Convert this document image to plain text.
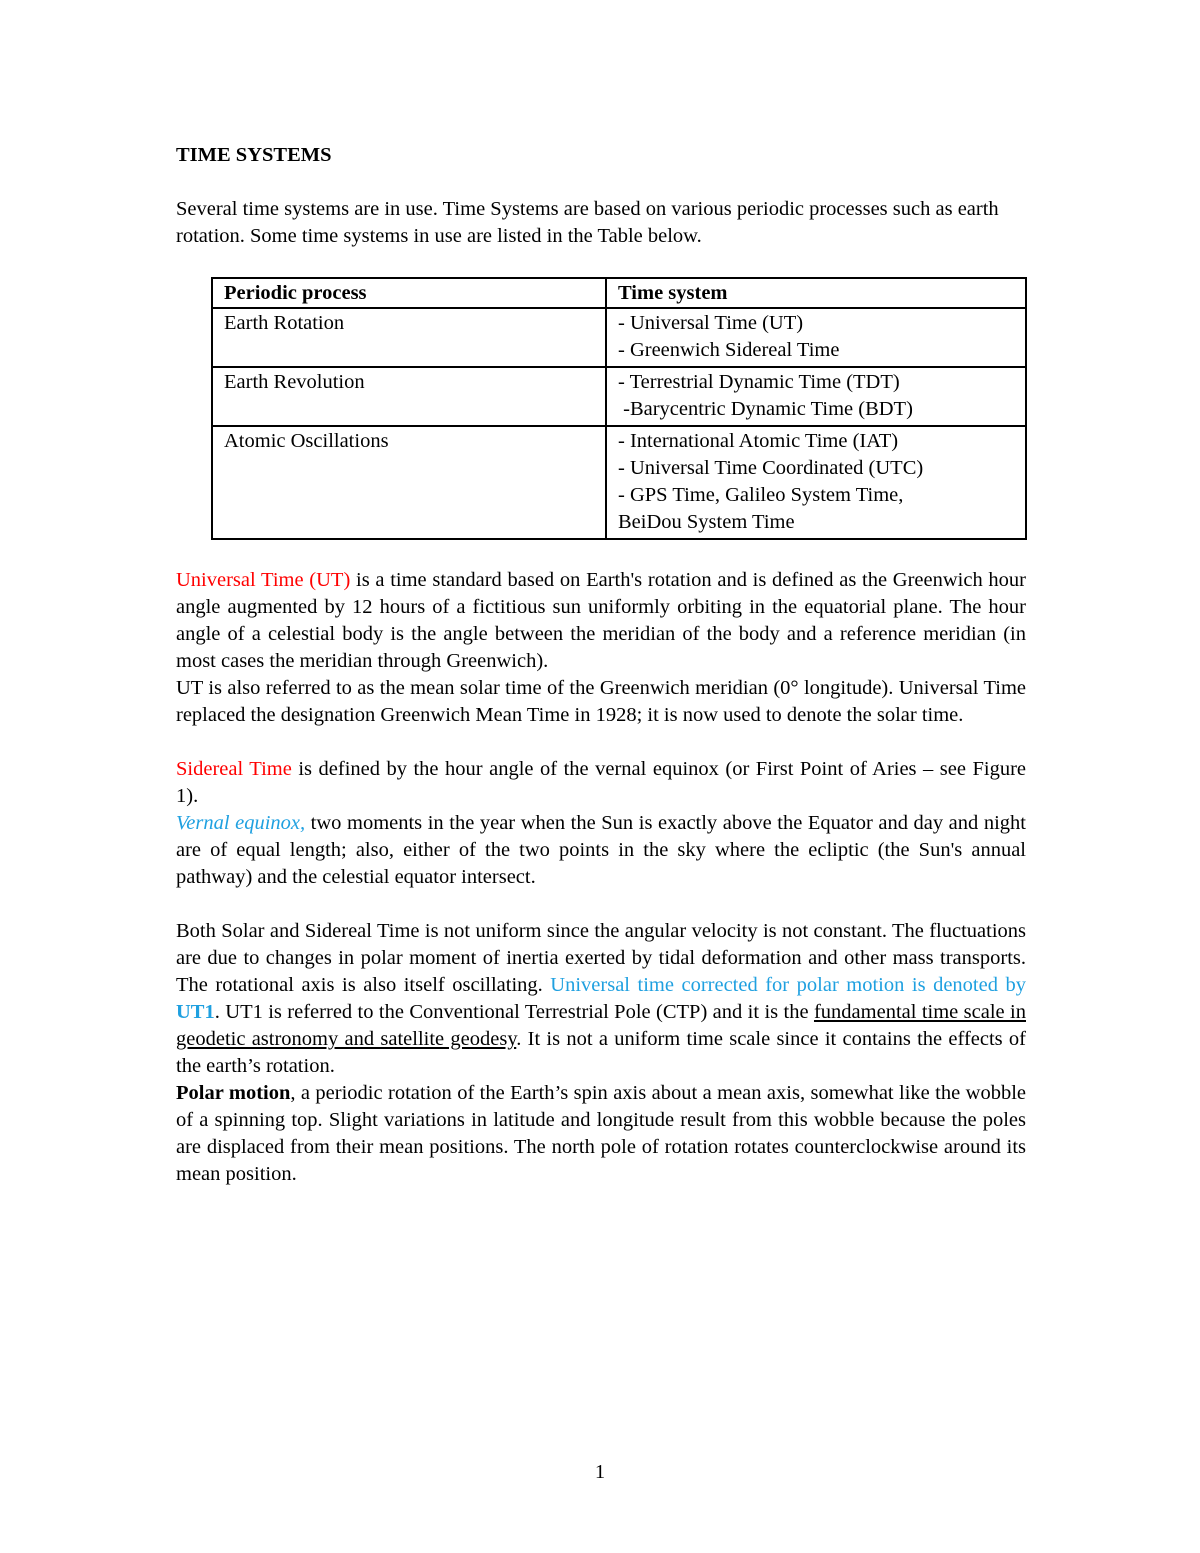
TIME SYSTEMS

Several time systems are in use. Time Systems are based on various periodic processes such as earth rotation. Some time systems in use are listed in the Table below.

Periodic process	Time system
Earth Rotation	- Universal Time (UT)
- Greenwich Sidereal Time

Earth Revolution	- Terrestrial Dynamic Time (TDT)
-Barycentric Dynamic Time (BDT)

Atomic Oscillations	- International Atomic Time (IAT)
- Universal Time Coordinated (UTC)
- GPS Time, Galileo System Time,
BeiDou System Time

Universal Time (UT) is a time standard based on Earth's rotation and is defined as the Greenwich hour angle augmented by 12 hours of a fictitious sun uniformly orbiting in the equatorial plane. The hour angle of a celestial body is the angle between the meridian of the body and a reference meridian (in most cases the meridian through Greenwich).

UT is also referred to as the mean solar time of the Greenwich meridian (0° longitude). Universal Time replaced the designation Greenwich Mean Time in 1928; it is now used to denote the solar time.

Sidereal Time is defined by the hour angle of the vernal equinox (or First Point of Aries – see Figure 1).

Vernal equinox, two moments in the year when the Sun is exactly above the Equator and day and night are of equal length; also, either of the two points in the sky where the ecliptic (the Sun's annual pathway) and the celestial equator intersect.

Both Solar and Sidereal Time is not uniform since the angular velocity is not constant. The fluctuations are due to changes in polar moment of inertia exerted by tidal deformation and other mass transports. The rotational axis is also itself oscillating. Universal time corrected for polar motion is denoted by UT1. UT1 is referred to the Conventional Terrestrial Pole (CTP) and it is the fundamental time scale in geodetic astronomy and satellite geodesy. It is not a uniform time scale since it contains the effects of the earth’s rotation.

Polar motion, a periodic rotation of the Earth’s spin axis about a mean axis, somewhat like the wobble of a spinning top. Slight variations in latitude and longitude result from this wobble because the poles are displaced from their mean positions. The north pole of rotation rotates counterclockwise around its mean position.

1
